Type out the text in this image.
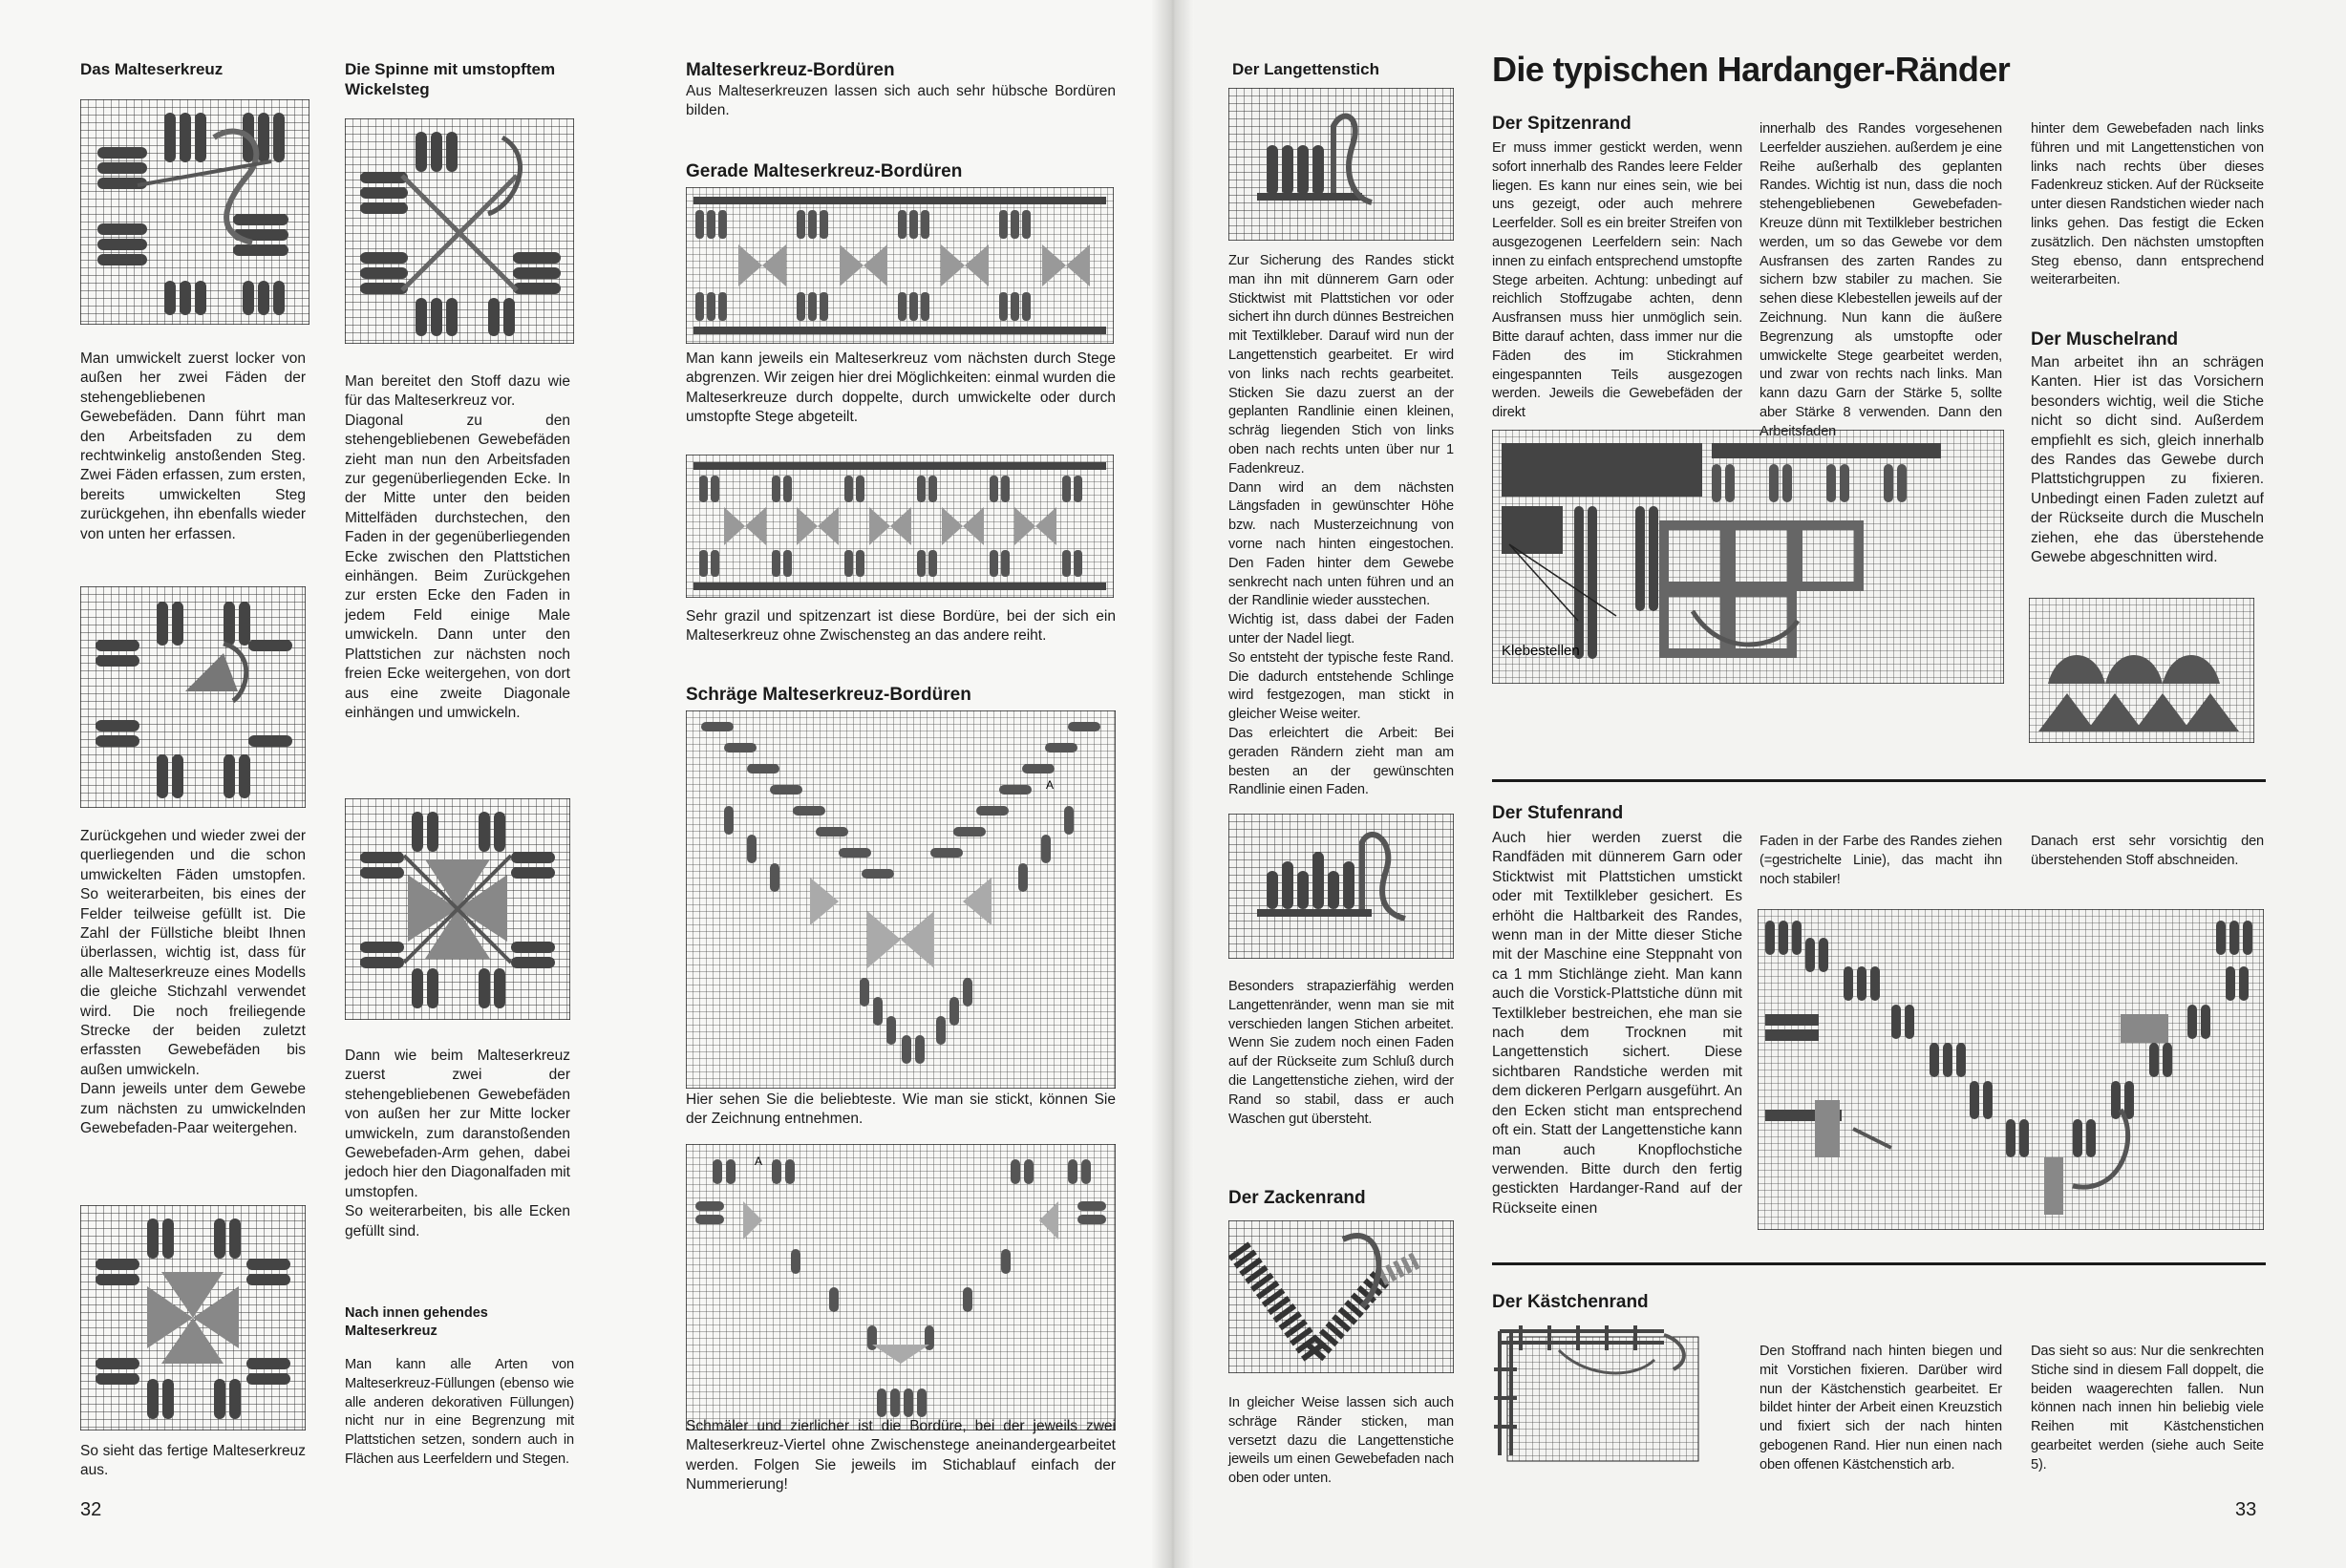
Das Malteserkreuz
Man umwickelt zuerst locker von außen her zwei Fäden der stehengebliebenen Gewebefäden. Dann führt man den Arbeitsfaden zu dem rechtwinkelig anstoßenden Steg. Zwei Fäden erfassen, zum ersten, bereits umwickelten Steg zurückgehen, ihn ebenfalls wieder von unten her erfassen.
Zurückgehen und wieder zwei der querliegenden und die schon umwickelten Fäden umstopfen. So weiterarbeiten, bis eines der Felder teilweise gefüllt ist. Die Zahl der Füllstiche bleibt Ihnen überlassen, wichtig ist, dass für alle Malteserkreuze eines Modells die gleiche Stichzahl verwendet wird. Die noch freiliegende Strecke der beiden zuletzt erfassten Gewebefäden bis außen umwickeln.
Dann jeweils unter dem Gewebe zum nächsten zu umwickelnden Gewebefaden-Paar weitergehen.
So sieht das fertige Malteserkreuz aus.
Die Spinne mit umstopftem Wickelsteg
Man bereitet den Stoff dazu wie für das Malteserkreuz vor.
Diagonal zu den stehengebliebenen Gewebefäden zieht man nun den Arbeitsfaden zur gegenüberliegenden Ecke. In der Mitte unter den beiden Mittelfäden durchstechen, den Faden in der gegenüberliegenden Ecke zwischen den Plattstichen einhängen. Beim Zurückgehen zur ersten Ecke den Faden in jedem Feld einige Male umwickeln. Dann unter den Plattstichen zur nächsten noch freien Ecke weitergehen, von dort aus eine zweite Diagonale einhängen und umwickeln.
Dann wie beim Malteserkreuz zuerst zwei der stehengebliebenen Gewebefäden von außen her zur Mitte locker umwickeln, zum daranstoßenden Gewebefaden-Arm gehen, dabei jedoch hier den Diagonalfaden mit umstopfen.
So weiterarbeiten, bis alle Ecken gefüllt sind.
Nach innen gehendes Malteserkreuz
Man kann alle Arten von Malteserkreuz-Füllungen (ebenso wie alle anderen dekorativen Füllungen) nicht nur in eine Begrenzung mit Plattstichen setzen, sondern auch in Flächen aus Leerfeldern und Stegen.
Malteserkreuz-Bordüren
Aus Malteserkreuzen lassen sich auch sehr hübsche Bordüren bilden.
Gerade Malteserkreuz-Bordüren
Man kann jeweils ein Malteserkreuz vom nächsten durch Stege abgrenzen. Wir zeigen hier drei Möglichkeiten: einmal wurden die Malteserkreuze durch doppelte, durch umwickelte oder durch umstopfte Stege abgeteilt.
Sehr grazil und spitzenzart ist diese Bordüre, bei der sich ein Malteserkreuz ohne Zwischensteg an das andere reiht.
Schräge Malteserkreuz-Bordüren
A
Hier sehen Sie die beliebteste. Wie man sie stickt, können Sie der Zeichnung entnehmen.
A
Schmäler und zierlicher ist die Bordüre, bei der jeweils zwei Malteserkreuz-Viertel ohne Zwischenstege aneinandergearbeitet werden. Folgen Sie jeweils im Stichablauf einfach der Nummerierung!
32
Die typischen Hardanger-Ränder
Der Langettenstich
Zur Sicherung des Randes stickt man ihn mit dünnerem Garn oder Sticktwist mit Plattstichen vor oder sichert ihn durch dünnes Bestreichen mit Textilkleber. Darauf wird nun der Langettenstich gearbeitet. Er wird von links nach rechts gearbeitet. Sticken Sie dazu zuerst an der geplanten Randlinie einen kleinen, schräg liegenden Stich von links oben nach rechts unten über nur 1 Fadenkreuz.
Dann wird an dem nächsten Längsfaden in gewünschter Höhe bzw. nach Musterzeichnung von vorne nach hinten eingestochen. Den Faden hinter dem Gewebe senkrecht nach unten führen und an der Randlinie wieder ausstechen.
Wichtig ist, dass dabei der Faden unter der Nadel liegt.
So entsteht der typische feste Rand. Die dadurch entstehende Schlinge wird festgezogen, man stickt in gleicher Weise weiter.
Das erleichtert die Arbeit: Bei geraden Rändern zieht man am besten an der gewünschten Randlinie einen Faden.
Besonders strapazierfähig werden Langettenränder, wenn man sie mit verschieden langen Stichen arbeitet. Wenn Sie zudem noch einen Faden auf der Rückseite zum Schluß durch die Langettenstiche ziehen, wird der Rand so stabil, dass er auch Waschen gut übersteht.
Der Zackenrand
In gleicher Weise lassen sich auch schräge Ränder sticken, man versetzt dazu die Langettenstiche jeweils um einen Gewebefaden nach oben oder unten.
Der Spitzenrand
Er muss immer gestickt werden, wenn sofort innerhalb des Randes leere Felder liegen. Es kann nur eines sein, wie bei uns gezeigt, oder auch mehrere Leerfelder. Soll es ein breiter Streifen von ausgezogenen Leerfeldern sein: Nach innen zu einfach entsprechend umstopfte Stege arbeiten. Achtung: unbedingt auf reichlich Stoffzugabe achten, denn Ausfransen muss hier unmöglich sein. Bitte darauf achten, dass immer nur die Fäden des im Stickrahmen eingespannten Teils ausgezogen werden. Jeweils die Gewebefäden der direkt
innerhalb des Randes vorgesehenen Leerfelder ausziehen. außerdem je eine Reihe außerhalb des geplanten Randes. Wichtig ist nun, dass die noch stehengebliebenen Gewebefaden-Kreuze dünn mit Textilkleber bestrichen werden, um so das Gewebe vor dem Ausfransen des zarten Randes zu sichern bzw stabiler zu machen. Sie sehen diese Klebestellen jeweils auf der Zeichnung. Nun kann die äußere Begrenzung als umstopfte oder umwickelte Stege gearbeitet werden, und zwar von rechts nach links. Man kann dazu Garn der Stärke 5, sollte aber Stärke 8 verwenden. Dann den
hinter dem Gewebefaden nach links führen und mit Langettenstichen von links nach rechts über dieses Fadenkreuz sticken. Auf der Rückseite unter diesen Randstichen wieder nach links gehen. Das festigt die Ecken zusätzlich. Den nächsten umstopften Steg ebenso, dann entsprechend weiterarbeiten.
Klebestellen
Der Muschelrand
Man arbeitet ihn an schrägen Kanten. Hier ist das Vorsichern besonders wichtig, weil die Stiche nicht so dicht sind. Außerdem empfiehlt es sich, gleich innerhalb des Randes das Gewebe durch Plattstichgruppen zu fixieren. Unbedingt einen Faden zuletzt auf der Rückseite durch die Muscheln ziehen, ehe das überstehende Gewebe abgeschnitten wird.
Der Stufenrand
Auch hier werden zuerst die Randfäden mit dünnerem Garn oder Sticktwist mit Plattstichen umstickt oder mit Textilkleber gesichert. Es erhöht die Haltbarkeit des Randes, wenn man in der Mitte dieser Stiche mit der Maschine eine Steppnaht von ca 1 mm Stichlänge zieht. Man kann auch die Vorstick-Plattstiche dünn mit Textilkleber bestreichen, ehe man sie nach dem Trocknen mit Langettenstich sichert. Diese sichtbaren Randstiche werden mit dem dickeren Perlgarn ausgeführt. An den Ecken sticht man entsprechend oft ein. Statt der Langettenstiche kann man auch Knopflochstiche verwenden. Bitte durch den fertig gestickten Hardanger-Rand auf der Rückseite einen
Faden in der Farbe des Randes ziehen (=gestrichelte Linie), das macht ihn noch stabiler!
Danach erst sehr vorsichtig den überstehenden Stoff abschneiden.
Der Kästchenrand
Den Stoffrand nach hinten biegen und mit Vorstichen fixieren. Darüber wird nun der Kästchenstich gearbeitet. Er bildet hinter der Arbeit einen Kreuzstich und fixiert sich der nach hinten gebogenen Rand. Hier nun einen nach oben offenen Kästchenstich arb.
Das sieht so aus: Nur die senkrechten Stiche sind in diesem Fall doppelt, die beiden waagerechten fallen. Nun können nach innen hin beliebig viele Reihen mit Kästchenstichen gearbeitet werden (siehe auch Seite 5).
33
